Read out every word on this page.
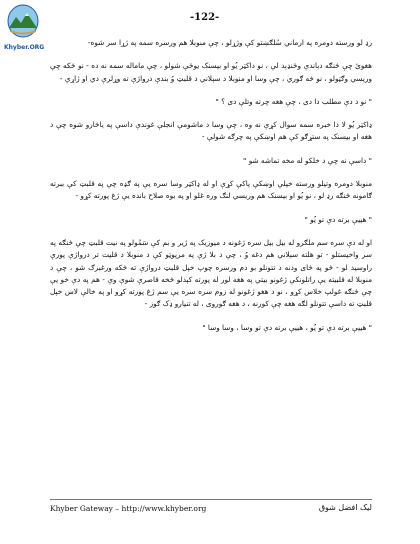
Khyber.ORG
-122-

رډ لو ورسته دومره په ارماني سُلګښتو کې وژړلو ، چې منوبلا هم ورسره سمه په ژړا سر شوه-

هغوئ چې څنګه دباندې وځنډېد لې ، نو داکټر يُو او بيسنک يوځې شولو ، چې ماماله سمه نه ده - نو څکه چې وريسي وګټولو ، نو څه ګوري ، چې وسا او منوبلا د سېلاني د قلبټ وُ بندې درواژې ته وړلرې دي او ژاړي -

" نو د دې مطلب دا دی ، چې هغه چرته وتلې دی ؟ "

ډاکټر يُو لا دا خبره سمه سوال کړې نه وه ، چې وسا د ماشومې انجلې غوندې داسې په ياڅارو شوه چې د هغه او بيسنک په ستړګو کې هم اوښکې په چرګه شولې -

" داسې نه چې د خلکو له مخه تماشه شو "

منوبلا دومره وتيلو ورسته خپلې اوښکې پاکې کړې او له ډاکټر وسا سره يې په ګډه چې په قلبټ کې ببرته ګامونه څنګه رډ لو ، نو يُو او بيسنک هم وريسي لنګ وره غلو او په بوه صلاح بانده يې ژغ پورته کړو -

" هييې برته دې تو يُو "

او له دې سره سم ملګرو له بيل بيل سره ژغونه د ميوزيک په ژير و بم کې سَمُولو په نيت قلبټ چې څنګه په سر واخيستلو - تو هلته سېلاني هم دغه وُ ، چې د بلا ژې په مرپوټو کې د منوبلا د قليت تر درواژې پورې راوسيد لو - څو په څای ودنه د تتونلو بو دم ورسره چوپ خپل قلبټ درواژې ته څکه ورغبرګ شو ، چې د منوبلا له قلبيته يې راتلونکې ژغونو بيتي په هغه لور له پورته کېدلو څخه قاصرې شوې وې - هم په دې خو يې چې څنګه غولپ خلاس کړو ، نو د هغو ژغونو له زوم سره سره يې سم ژغ پورته کړو او په خالې لاس خپل قلبټ ته داسې تتونلو لګه هغه چې کورنه ، د هغه ګوروی ، له تنيارو ډک ګوز -

" هييې برته دې تو يُو ، هييې برته دې تو وسا ، وسا وسا "

Khyber Gateway – http://www.khyber.org	ليک افضل شوق
